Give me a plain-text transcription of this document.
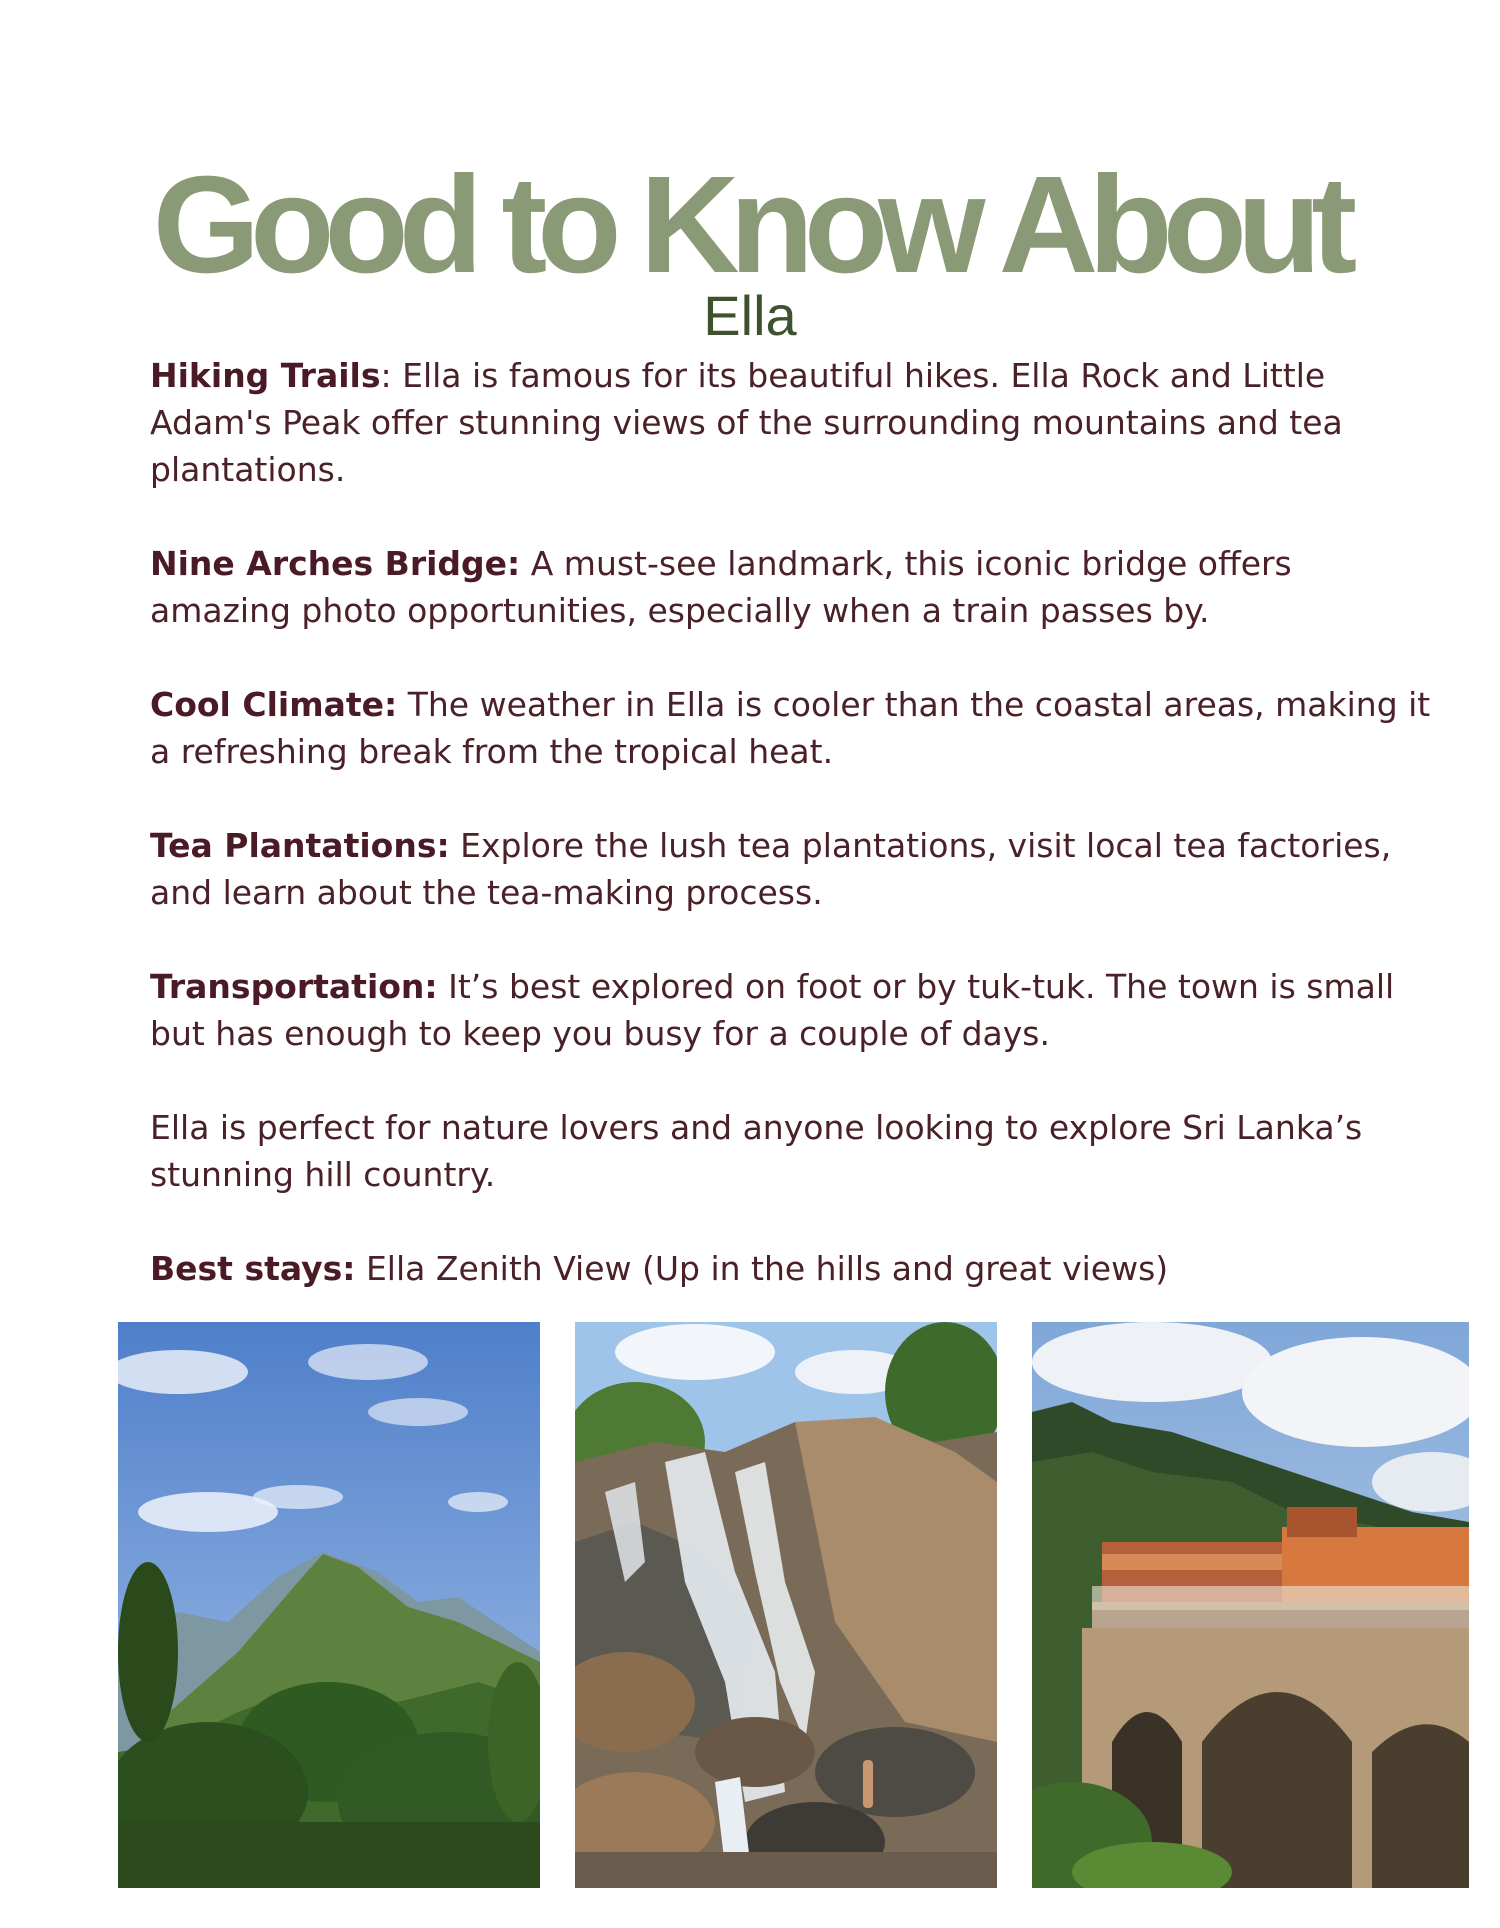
Good to Know About
Ella

Hiking Trails: Ella is famous for its beautiful hikes. Ella Rock and Little Adam's Peak offer stunning views of the surrounding mountains and tea plantations.

Nine Arches Bridge: A must-see landmark, this iconic bridge offers amazing photo opportunities, especially when a train passes by.

Cool Climate: The weather in Ella is cooler than the coastal areas, making it a refreshing break from the tropical heat.

Tea Plantations: Explore the lush tea plantations, visit local tea factories, and learn about the tea-making process.

Transportation: It’s best explored on foot or by tuk-tuk. The town is small but has enough to keep you busy for a couple of days.

Ella is perfect for nature lovers and anyone looking to explore Sri Lanka’s stunning hill country.

Best stays: Ella Zenith View (Up in the hills and great views)
